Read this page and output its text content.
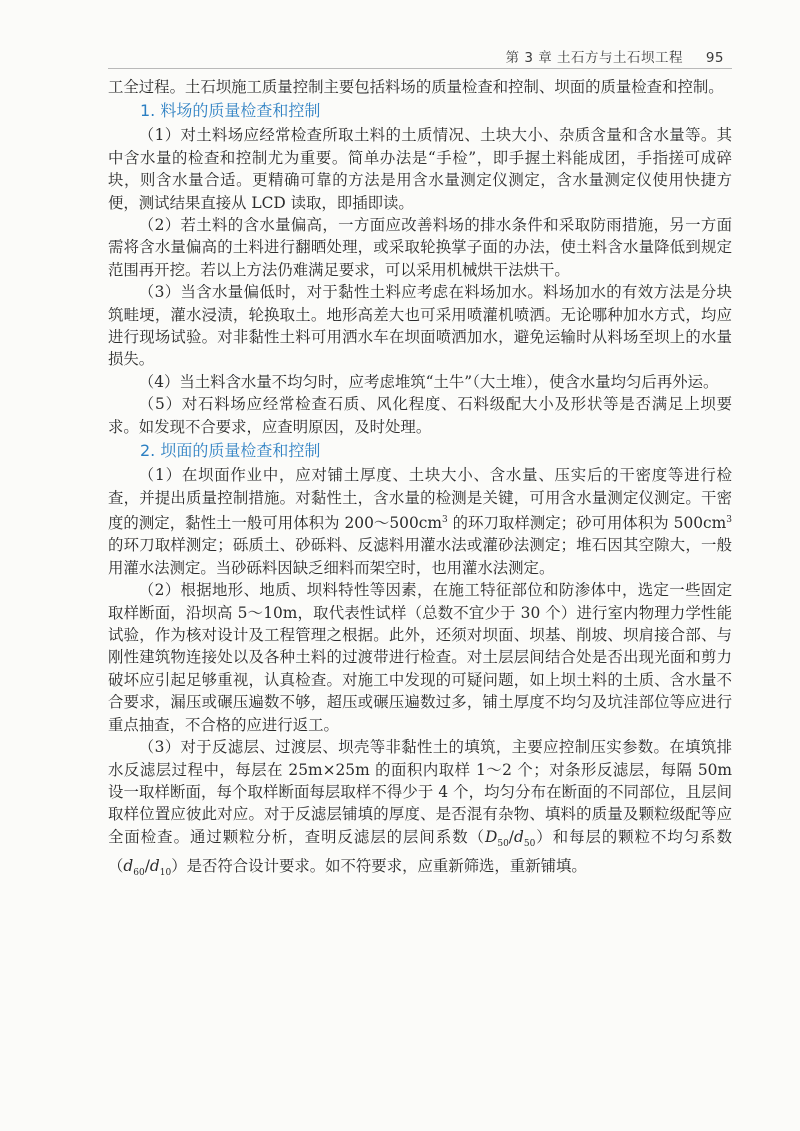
第 3 章 土石方与土石坝工程 95

工全过程。土石坝施工质量控制主要包括料场的质量检查和控制、坝面的质量检查和控制。

1. 料场的质量检查和控制

（1）对土料场应经常检查所取土料的土质情况、土块大小、杂质含量和含水量等。其中含水量的检查和控制尤为重要。简单办法是“手检”，即手握土料能成团，手指搓可成碎块，则含水量合适。更精确可靠的方法是用含水量测定仪测定，含水量测定仪使用快捷方便，测试结果直接从 LCD 读取，即插即读。

（2）若土料的含水量偏高，一方面应改善料场的排水条件和采取防雨措施，另一方面需将含水量偏高的土料进行翻晒处理，或采取轮换掌子面的办法，使土料含水量降低到规定范围再开挖。若以上方法仍难满足要求，可以采用机械烘干法烘干。

（3）当含水量偏低时，对于黏性土料应考虑在料场加水。料场加水的有效方法是分块筑畦埂，灌水浸渍，轮换取土。地形高差大也可采用喷灌机喷洒。无论哪种加水方式，均应进行现场试验。对非黏性土料可用洒水车在坝面喷洒加水，避免运输时从料场至坝上的水量损失。

（4）当土料含水量不均匀时，应考虑堆筑“土牛”（大土堆），使含水量均匀后再外运。

（5）对石料场应经常检查石质、风化程度、石料级配大小及形状等是否满足上坝要求。如发现不合要求，应查明原因，及时处理。

2. 坝面的质量检查和控制

（1）在坝面作业中，应对铺土厚度、土块大小、含水量、压实后的干密度等进行检查，并提出质量控制措施。对黏性土，含水量的检测是关键，可用含水量测定仪测定。干密度的测定，黏性土一般可用体积为 $200\sim 500cm^3$ 的环刀取样测定；砂可用体积为 $500cm^3$ 的环刀取样测定；砾质土、砂砾料、反滤料用灌水法或灌砂法测定；堆石因其空隙大，一般用灌水法测定。当砂砾料因缺乏细料而架空时，也用灌水法测定。

（2）根据地形、地质、坝料特性等因素，在施工特征部位和防渗体中，选定一些固定取样断面，沿坝高 5～10m，取代表性试样（总数不宜少于 30 个）进行室内物理力学性能试验，作为核对设计及工程管理之根据。此外，还须对坝面、坝基、削坡、坝肩接合部、与刚性建筑物连接处以及各种土料的过渡带进行检查。对土层层间结合处是否出现光面和剪力破坏应引起足够重视，认真检查。对施工中发现的可疑问题，如上坝土料的土质、含水量不合要求，漏压或碾压遍数不够，超压或碾压遍数过多，铺土厚度不均匀及坑洼部位等应进行重点抽查，不合格的应进行返工。

（3）对于反滤层、过渡层、坝壳等非黏性土的填筑，主要应控制压实参数。在填筑排水反滤层过程中，每层在 25m×25m 的面积内取样 1～2 个；对条形反滤层，每隔 50m 设一取样断面，每个取样断面每层取样不得少于 4 个，均匀分布在断面的不同部位，且层间取样位置应彼此对应。对于反滤层铺填的厚度、是否混有杂物、填料的质量及颗粒级配等应全面检查。通过颗粒分析，查明反滤层的层间系数$(D_{50}/d_{50})$和每层的颗粒不均匀系数$(d_{60}/d_{10})$是否符合设计要求。如不符要求，应重新筛选，重新铺填。
